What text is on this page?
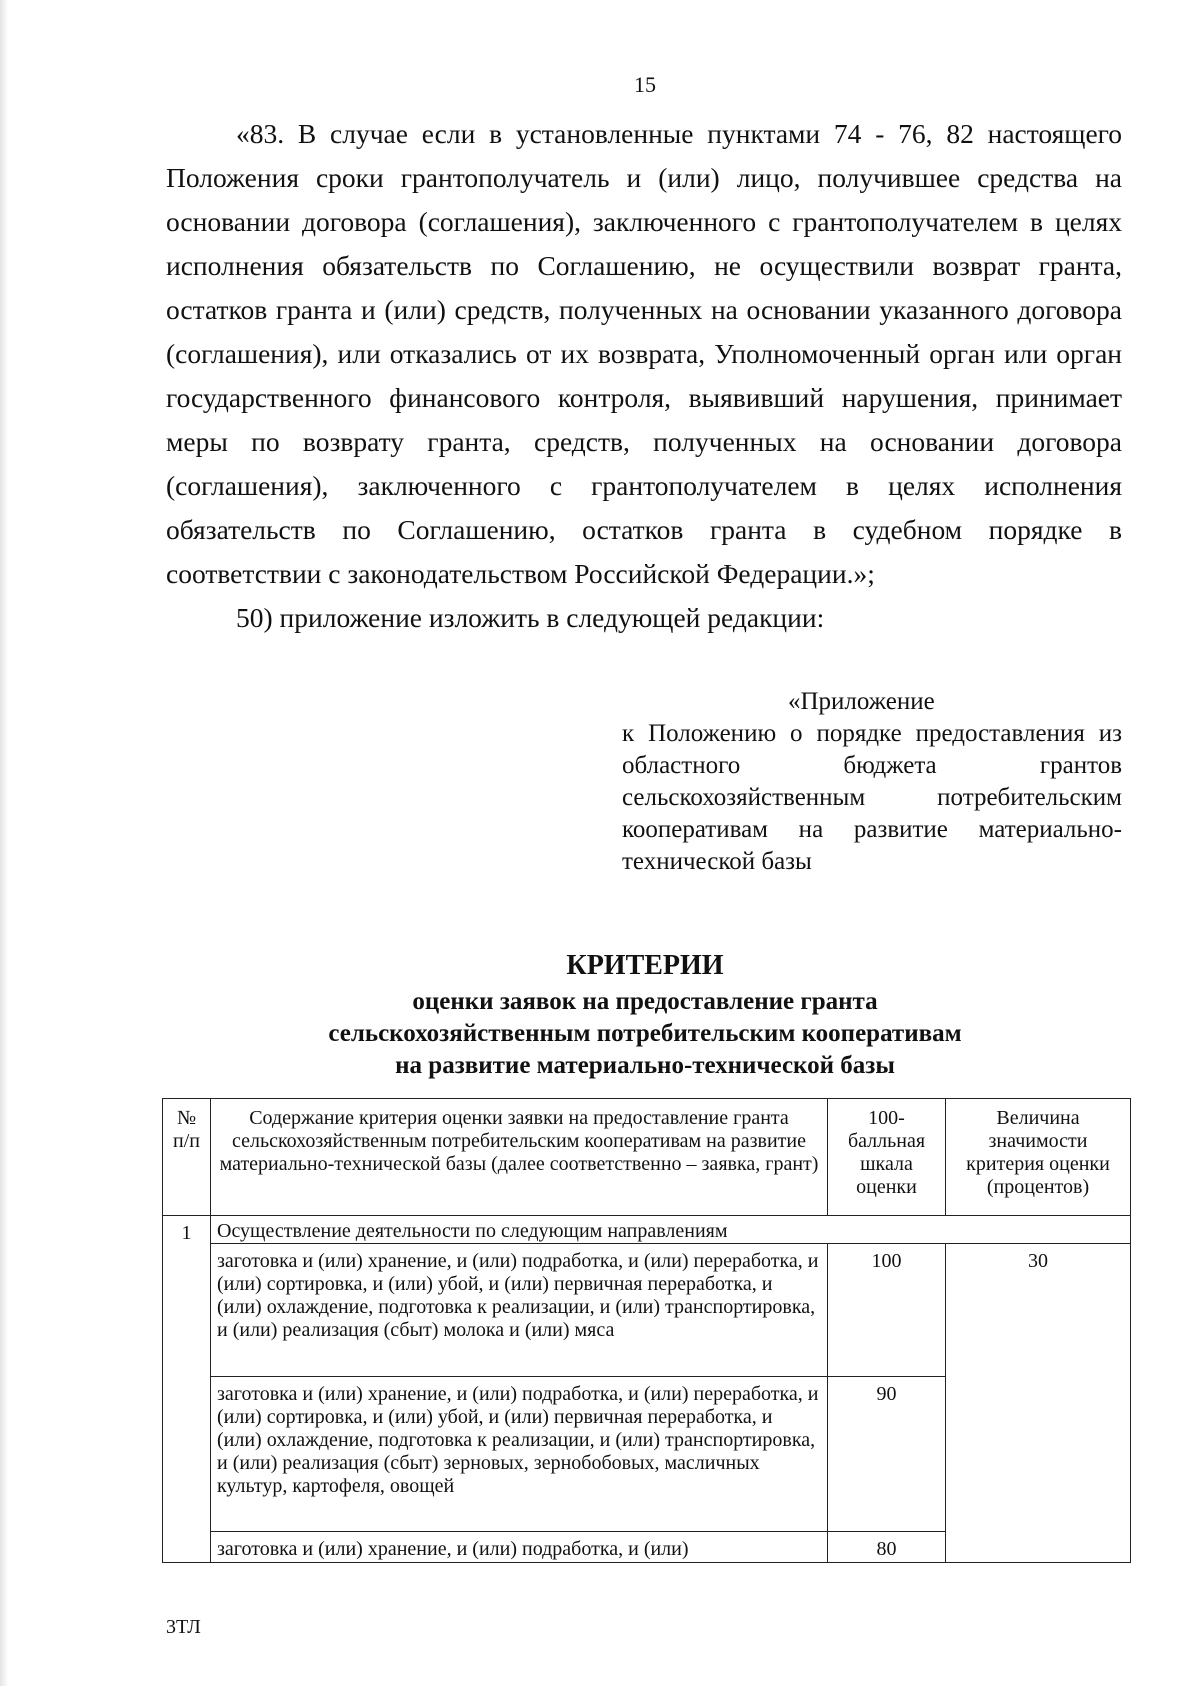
15

«83. В случае если в установленные пунктами 74 - 76, 82 настоящего Положения сроки грантополучатель и (или) лицо, получившее средства на основании договора (соглашения), заключенного с грантополучателем в целях исполнения обязательств по Соглашению, не осуществили возврат гранта, остатков гранта и (или) средств, полученных на основании указанного договора (соглашения), или отказались от их возврата, Уполномоченный орган или орган государственного финансового контроля, выявивший нарушения, принимает меры по возврату гранта, средств, полученных на основании договора (соглашения), заключенного с грантополучателем в целях исполнения обязательств по Соглашению, остатков гранта в судебном порядке в соответствии с законодательством Российской Федерации.»;

50) приложение изложить в следующей редакции:

«Приложение
к Положению о порядке предоставления из областного бюджета грантов сельскохозяйственным потребительским кооперативам на развитие материально-технической базы
КРИТЕРИИ
оценки заявок на предоставление гранта
сельскохозяйственным потребительским кооперативам
на развитие материально-технической базы
№ п/п	Содержание критерия оценки заявки на предоставление гранта сельскохозяйственным потребительским кооперативам на развитие материально-технической базы (далее соответственно – заявка, грант)	100-балльная шкала оценки	Величина значимости критерия оценки (процентов)
1	Осуществление деятельности по следующим направлениям		
	заготовка и (или) хранение, и (или) подработка, и (или) переработка, и (или) сортировка, и (или) убой, и (или) первичная переработка, и (или) охлаждение, подготовка к реализации, и (или) транспортировка, и (или) реализация (сбыт) молока и (или) мяса	100	30
	заготовка и (или) хранение, и (или) подработка, и (или) переработка, и (или) сортировка, и (или) убой, и (или) первичная переработка, и (или) охлаждение, подготовка к реализации, и (или) транспортировка, и (или) реализация (сбыт) зерновых, зернобобовых, масличных культур, картофеля, овощей	90	
	заготовка и (или) хранение, и (или) подработка, и (или)	80	
3ТЛ
